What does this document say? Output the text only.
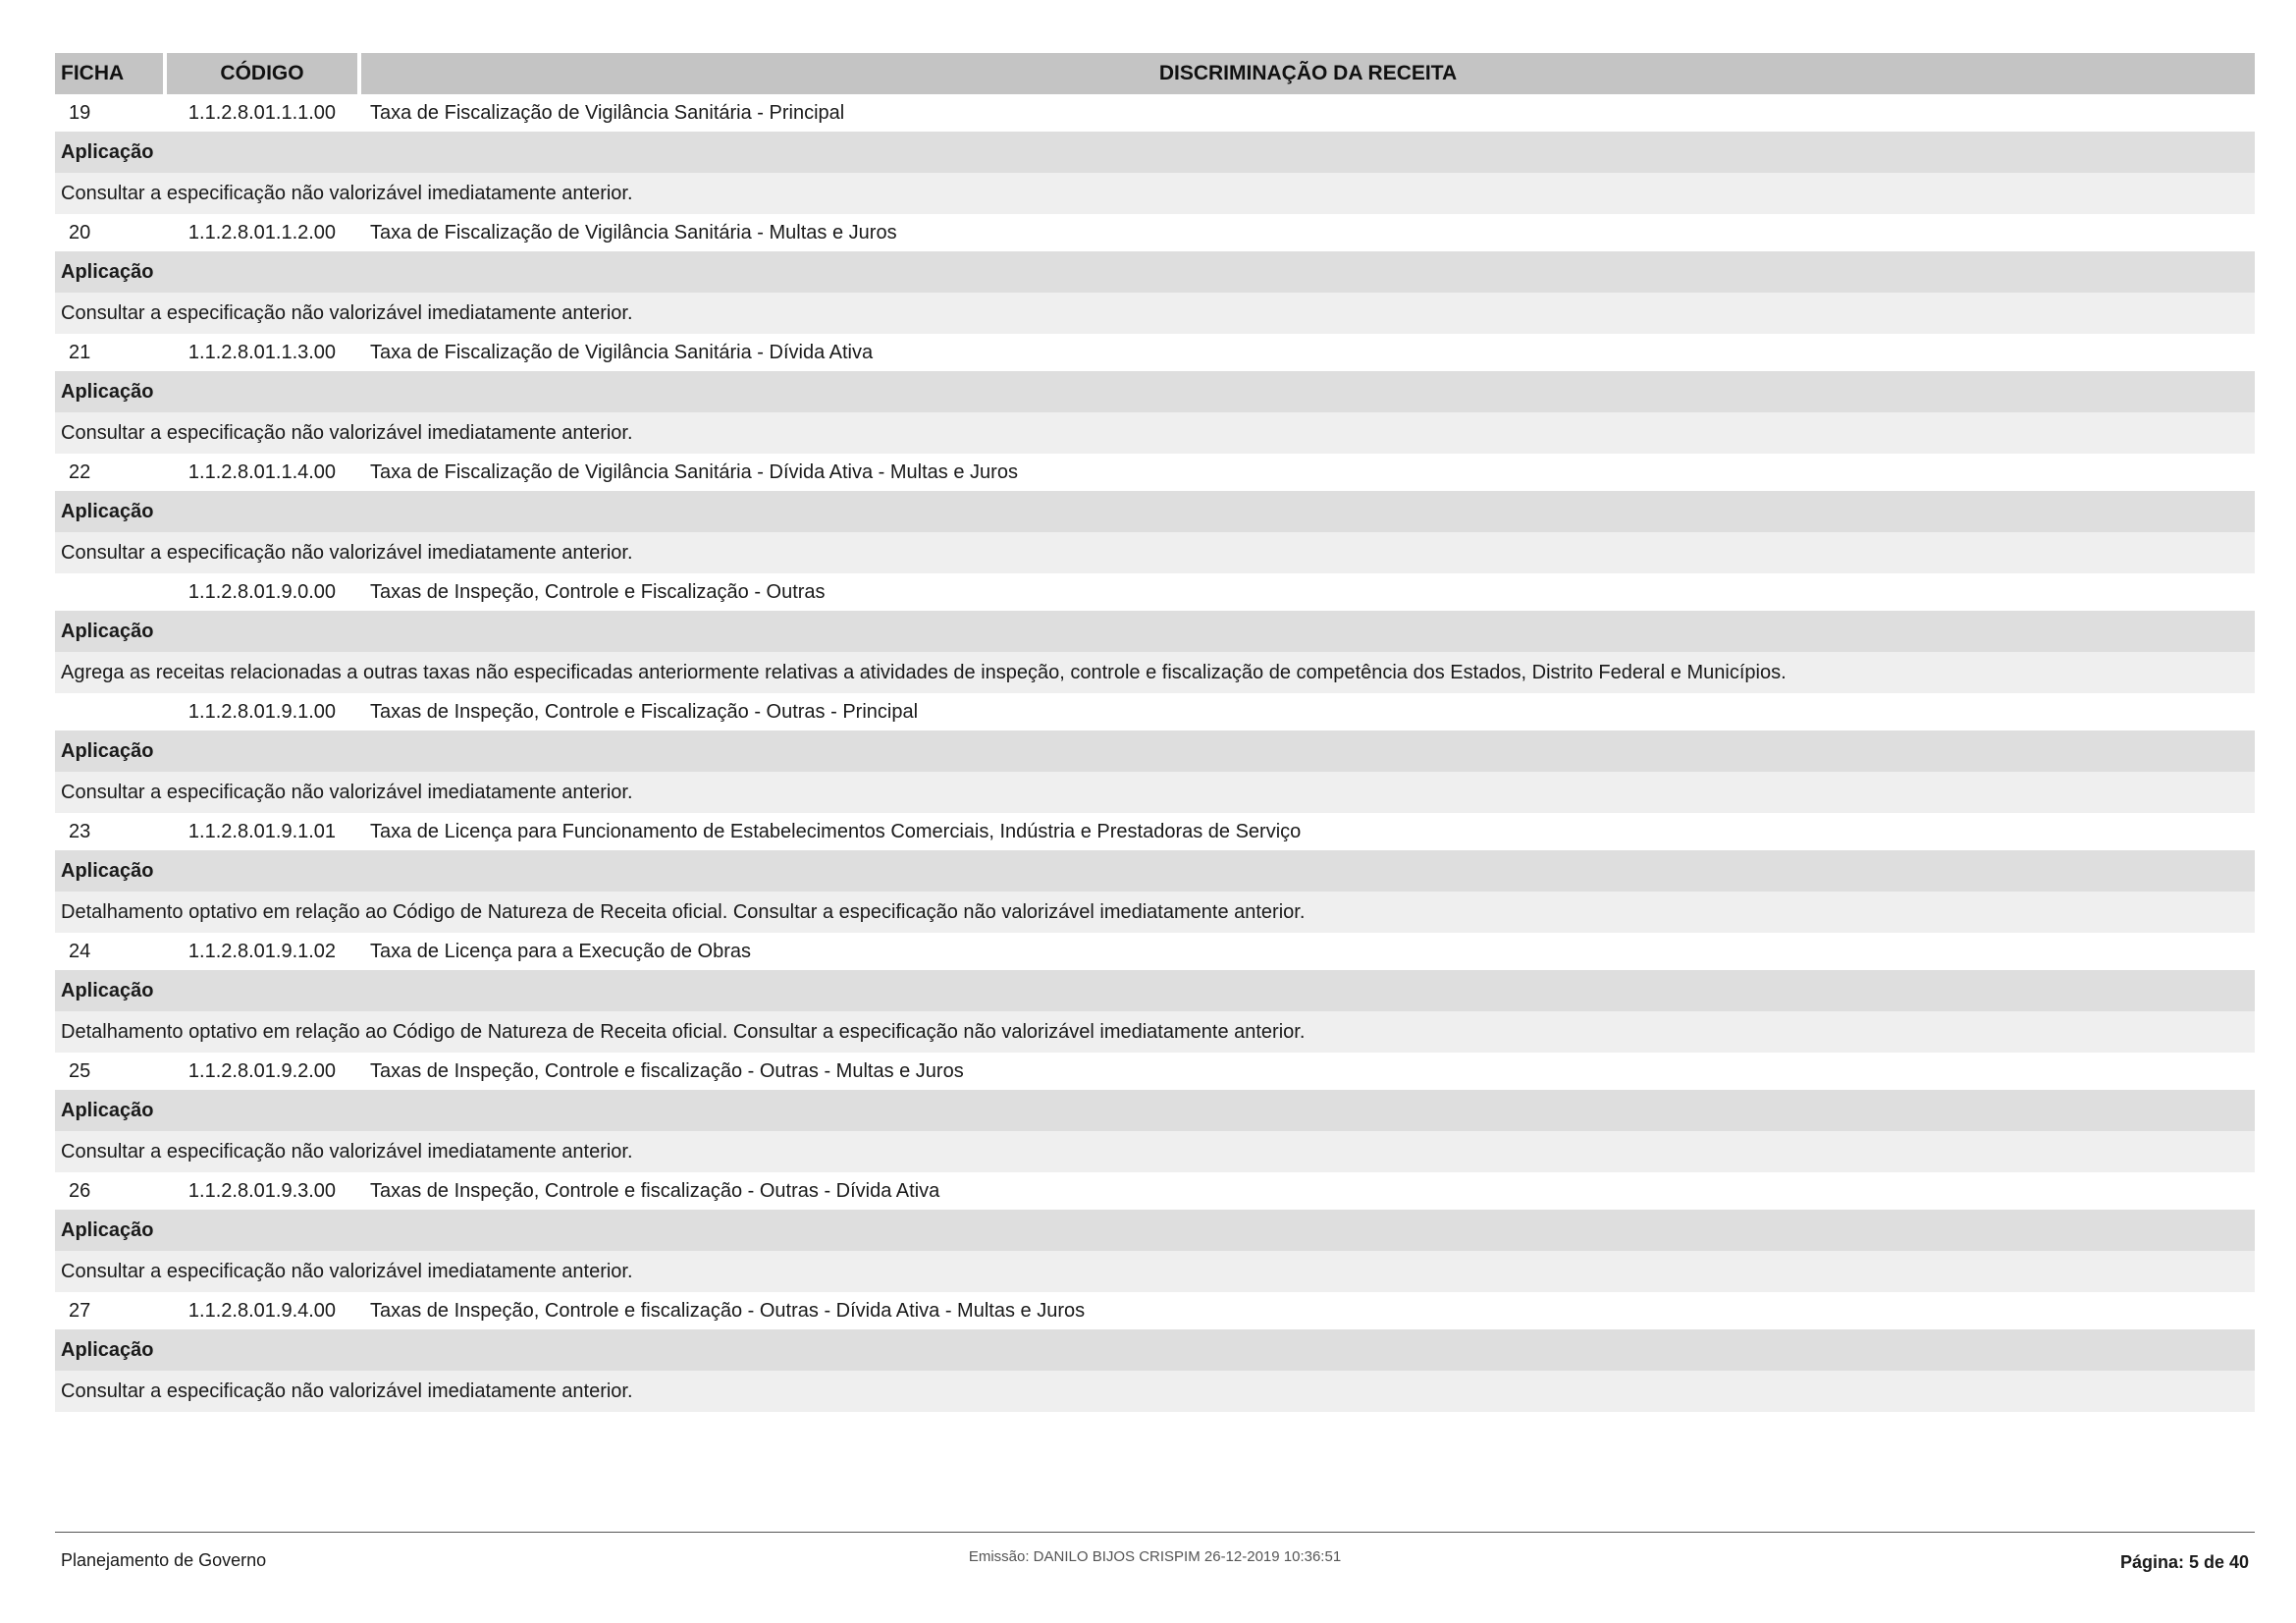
FICHA	CÓDIGO	DISCRIMINAÇÃO DA RECEITA
19	1.1.2.8.01.1.1.00	Taxa de Fiscalização de Vigilância Sanitária - Principal
Aplicação
Consultar a especificação não valorizável imediatamente anterior.
20	1.1.2.8.01.1.2.00	Taxa de Fiscalização de Vigilância Sanitária - Multas e Juros
Aplicação
Consultar a especificação não valorizável imediatamente anterior.
21	1.1.2.8.01.1.3.00	Taxa de Fiscalização de Vigilância Sanitária - Dívida Ativa
Aplicação
Consultar a especificação não valorizável imediatamente anterior.
22	1.1.2.8.01.1.4.00	Taxa de Fiscalização de Vigilância Sanitária - Dívida Ativa - Multas e Juros
Aplicação
Consultar a especificação não valorizável imediatamente anterior.
1.1.2.8.01.9.0.00	Taxas de Inspeção, Controle e Fiscalização - Outras
Aplicação
Agrega as receitas relacionadas a outras taxas não especificadas anteriormente relativas a atividades de inspeção, controle e fiscalização de competência dos Estados, Distrito Federal e Municípios.
1.1.2.8.01.9.1.00	Taxas de Inspeção, Controle e Fiscalização - Outras - Principal
Aplicação
Consultar a especificação não valorizável imediatamente anterior.
23	1.1.2.8.01.9.1.01	Taxa de Licença para Funcionamento de Estabelecimentos Comerciais, Indústria e Prestadoras de Serviço
Aplicação
Detalhamento optativo em relação ao Código de Natureza de Receita oficial. Consultar a especificação não valorizável imediatamente anterior.
24	1.1.2.8.01.9.1.02	Taxa de Licença para a Execução de Obras
Aplicação
Detalhamento optativo em relação ao Código de Natureza de Receita oficial. Consultar a especificação não valorizável imediatamente anterior.
25	1.1.2.8.01.9.2.00	Taxas de Inspeção, Controle e fiscalização - Outras - Multas e Juros
Aplicação
Consultar a especificação não valorizável imediatamente anterior.
26	1.1.2.8.01.9.3.00	Taxas de Inspeção, Controle e fiscalização - Outras - Dívida Ativa
Aplicação
Consultar a especificação não valorizável imediatamente anterior.
27	1.1.2.8.01.9.4.00	Taxas de Inspeção, Controle e fiscalização - Outras - Dívida Ativa - Multas e Juros
Aplicação
Consultar a especificação não valorizável imediatamente anterior.
Planejamento de Governo	Emissão: DANILO BIJOS CRISPIM 26-12-2019 10:36:51	Página: 5 de 40
